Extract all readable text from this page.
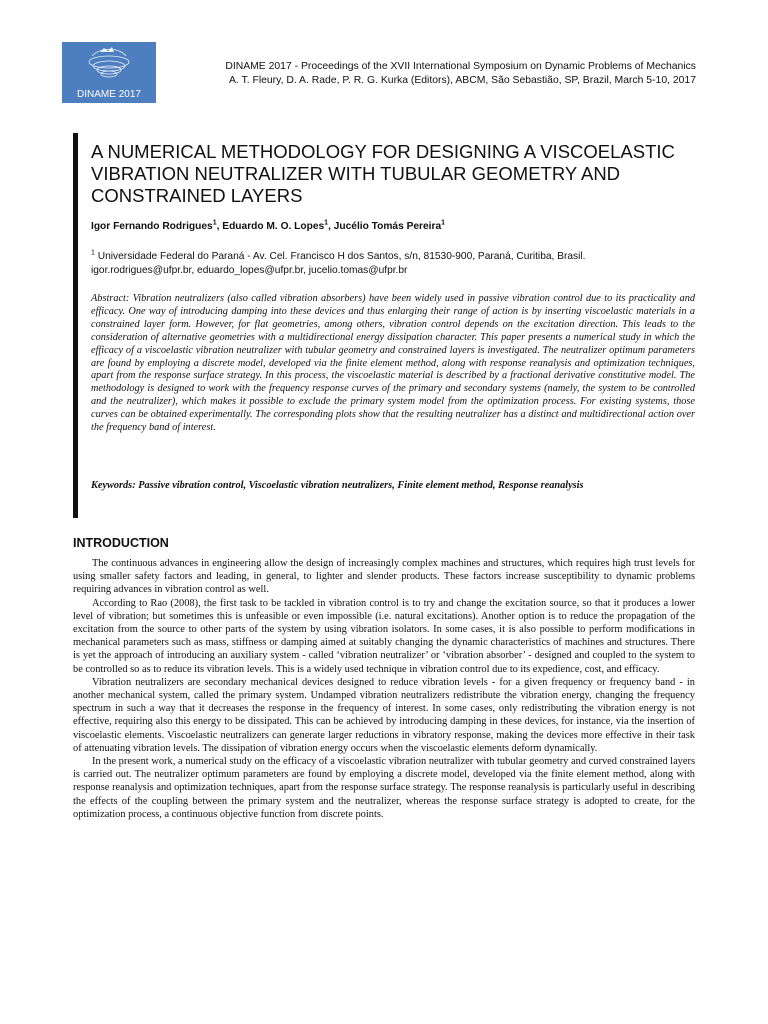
DINAME 2017
DINAME 2017 - Proceedings of the XVII International Symposium on Dynamic Problems of Mechanics
A. T. Fleury, D. A. Rade, P. R. G. Kurka (Editors), ABCM, São Sebastião, SP, Brazil, March 5-10, 2017
A NUMERICAL METHODOLOGY FOR DESIGNING A VISCOELASTIC VIBRATION NEUTRALIZER WITH TUBULAR GEOMETRY AND CONSTRAINED LAYERS
Igor Fernando Rodrigues$^1$, Eduardo M. O. Lopes$^1$, Jucélio Tomás Pereira$^1$
$^1$ Universidade Federal do Paraná - Av. Cel. Francisco H dos Santos, s/n, 81530-900, Paraná, Curitiba, Brasil.
igor.rodrigues@ufpr.br, eduardo_lopes@ufpr.br, jucelio.tomas@ufpr.br

Abstract: Vibration neutralizers (also called vibration absorbers) have been widely used in passive vibration control due to its practicality and efficacy. One way of introducing damping into these devices and thus enlarging their range of action is by inserting viscoelastic materials in a constrained layer form. However, for flat geometries, among others, vibration control depends on the excitation direction. This leads to the consideration of alternative geometries with a multidirectional energy dissipation character. This paper presents a numerical study in which the efficacy of a viscoelastic vibration neutralizer with tubular geometry and constrained layers is investigated. The neutralizer optimum parameters are found by employing a discrete model, developed via the finite element method, along with response reanalysis and optimization techniques, apart from the response surface strategy. In this process, the viscoelastic material is described by a fractional derivative constitutive model. The methodology is designed to work with the frequency response curves of the primary and secondary systems (namely, the system to be controlled and the neutralizer), which makes it possible to exclude the primary system model from the optimization process. For existing systems, those curves can be obtained experimentally. The corresponding plots show that the resulting neutralizer has a distinct and multidirectional action over the frequency band of interest.

Keywords: Passive vibration control, Viscoelastic vibration neutralizers, Finite element method, Response reanalysis
INTRODUCTION

The continuous advances in engineering allow the design of increasingly complex machines and structures, which requires high trust levels for using smaller safety factors and leading, in general, to lighter and slender products. These factors increase susceptibility to dynamic problems requiring advances in vibration control as well.

According to Rao (2008), the first task to be tackled in vibration control is to try and change the excitation source, so that it produces a lower level of vibration; but sometimes this is unfeasible or even impossible (i.e. natural excitations). Another option is to reduce the propagation of the excitation from the source to other parts of the system by using vibration isolators. In some cases, it is also possible to perform modifications in mechanical parameters such as mass, stiffness or damping aimed at suitably changing the dynamic characteristics of machines and structures. There is yet the approach of introducing an auxiliary system - called ‘vibration neutralizer’ or ‘vibration absorber’ - designed and coupled to the system to be controlled so as to reduce its vibration levels. This is a widely used technique in vibration control due to its expedience, cost, and efficacy.

Vibration neutralizers are secondary mechanical devices designed to reduce vibration levels - for a given frequency or frequency band - in another mechanical system, called the primary system. Undamped vibration neutralizers redistribute the vibration energy, changing the frequency spectrum in such a way that it decreases the response in the frequency of interest. In some cases, only redistributing the vibration energy is not effective, requiring also this energy to be dissipated. This can be achieved by introducing damping in these devices, for instance, via the insertion of viscoelastic elements. Viscoelastic neutralizers can generate larger reductions in vibratory response, making the devices more effective in their task of attenuating vibration levels. The dissipation of vibration energy occurs when the viscoelastic elements deform dynamically.

In the present work, a numerical study on the efficacy of a viscoelastic vibration neutralizer with tubular geometry and curved constrained layers is carried out. The neutralizer optimum parameters are found by employing a discrete model, developed via the finite element method, along with response reanalysis and optimization techniques, apart from the response surface strategy. The response reanalysis is particularly useful in describing the effects of the coupling between the primary system and the neutralizer, whereas the response surface strategy is adopted to create, for the optimization process, a continuous objective function from discrete points.
